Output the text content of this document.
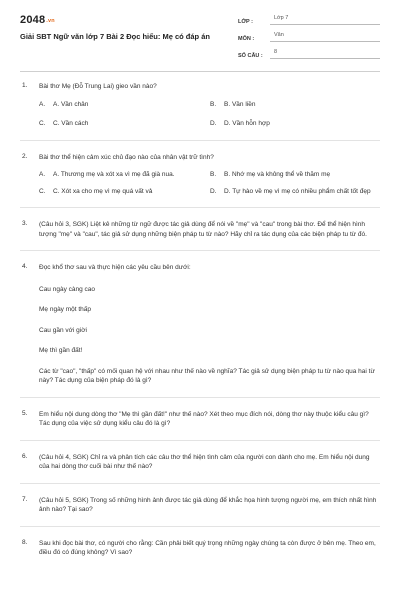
2048.vn
Giải SBT Ngữ văn lớp 7 Bài 2 Đọc hiểu: Mẹ có đáp án
LỚP :
Lớp 7
MÔN :
Văn
SỐ CÂU :
8
1. Bài thơ Mẹ (Đỗ Trung Lai) gieo vần nào?
A.	A. Vần chân	B.	B. Vần liền
C.	C. Vần cách	D.	D. Vần hỗn hợp
2. Bài thơ thể hiện cảm xúc chủ đạo nào của nhân vật trữ tình?
A.	A. Thương mẹ và xót xa vì mẹ đã già nua.	B.	B. Nhớ mẹ và không thể về thăm mẹ
C.	C. Xót xa cho mẹ vì mẹ quá vất vả	D.	D. Tự hào về mẹ vì mẹ có nhiều phẩm chất tốt đẹp
3. (Câu hỏi 3, SGK) Liệt kê những từ ngữ được tác giả dùng để nói về "mẹ" và "cau" trong bài thơ. Để thể hiện hình tượng "mẹ" và "cau", tác giả sử dụng những biện pháp tu từ nào? Hãy chỉ ra tác dụng của các biện pháp tu từ đó.
4. Đọc khổ thơ sau và thực hiện các yêu cầu bên dưới:
Cau ngày càng cao
Mẹ ngày một thấp
Cau gần với giời
Mẹ thì gần đất!
Các từ "cao", "thấp" có mối quan hệ với nhau như thế nào về nghĩa? Tác giả sử dụng biện pháp tu từ nào qua hai từ này? Tác dụng của biện pháp đó là gì?
5. Em hiểu nội dung dòng thơ "Mẹ thì gần đất!" như thế nào? Xét theo mục đích nói, dòng thơ này thuộc kiểu câu gì? Tác dụng của việc sử dụng kiểu câu đó là gì?
6. (Câu hỏi 4, SGK) Chỉ ra và phân tích các câu thơ thể hiện tình cảm của người con dành cho mẹ. Em hiểu nội dung của hai dòng thơ cuối bài như thế nào?
7. (Câu hỏi 5, SGK) Trong số những hình ảnh được tác giả dùng để khắc họa hình tượng người mẹ, em thích nhất hình ảnh nào? Tại sao?
8. Sau khi đọc bài thơ, có người cho rằng: Cần phải biết quý trọng những ngày chúng ta còn được ở bên mẹ. Theo em, điều đó có đúng không? Vì sao?
